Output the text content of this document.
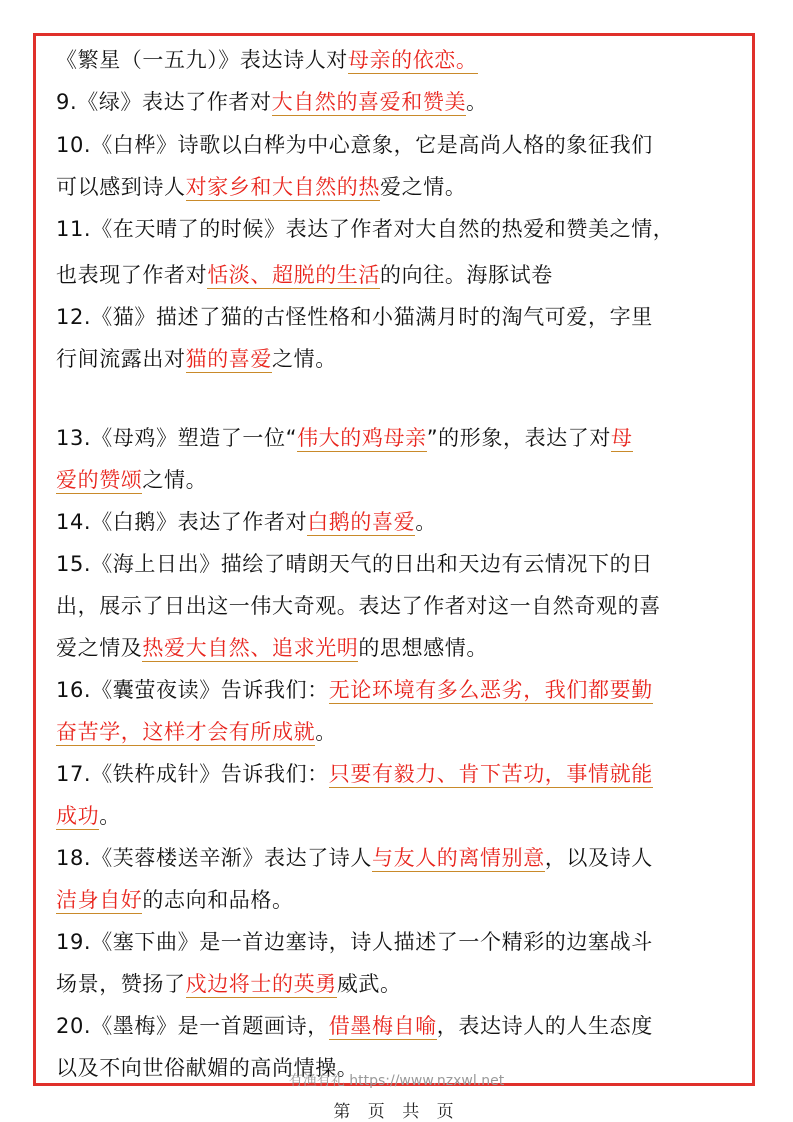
《繁星（一五九）》表达诗人对母亲的依恋。
9.《绿》表达了作者对大自然的喜爱和赞美。
10.《白桦》诗歌以白桦为中心意象，它是高尚人格的象征我们
可以感到诗人对家乡和大自然的热爱之情。
11.《在天晴了的时候》表达了作者对大自然的热爱和赞美之情，
也表现了作者对恬淡、超脱的生活的向往。海豚试卷
12.《猫》描述了猫的古怪性格和小猫满月时的淘气可爱，字里
行间流露出对猫的喜爱之情。
13.《母鸡》塑造了一位“伟大的鸡母亲”的形象，表达了对母
爱的赞颂之情。
14.《白鹅》表达了作者对白鹅的喜爱。
15.《海上日出》描绘了晴朗天气的日出和天边有云情况下的日
出，展示了日出这一伟大奇观。表达了作者对这一自然奇观的喜
爱之情及热爱大自然、追求光明的思想感情。
16.《囊萤夜读》告诉我们：无论环境有多么恶劣，我们都要勤
奋苦学，这样才会有所成就。
17.《铁杵成针》告诉我们：只要有毅力、肯下苦功，事情就能
成功。
18.《芙蓉楼送辛渐》表达了诗人与友人的离情别意，以及诗人
洁身自好的志向和品格。
19.《塞下曲》是一首边塞诗，诗人描述了一个精彩的边塞战斗
场景，赞扬了戍边将士的英勇威武。
20.《墨梅》是一首题画诗，借墨梅自喻，表达诗人的人生态度
以及不向世俗献媚的高尚情操。
有渔有礼 https://www.nzxwl.net
第 页 共 页
